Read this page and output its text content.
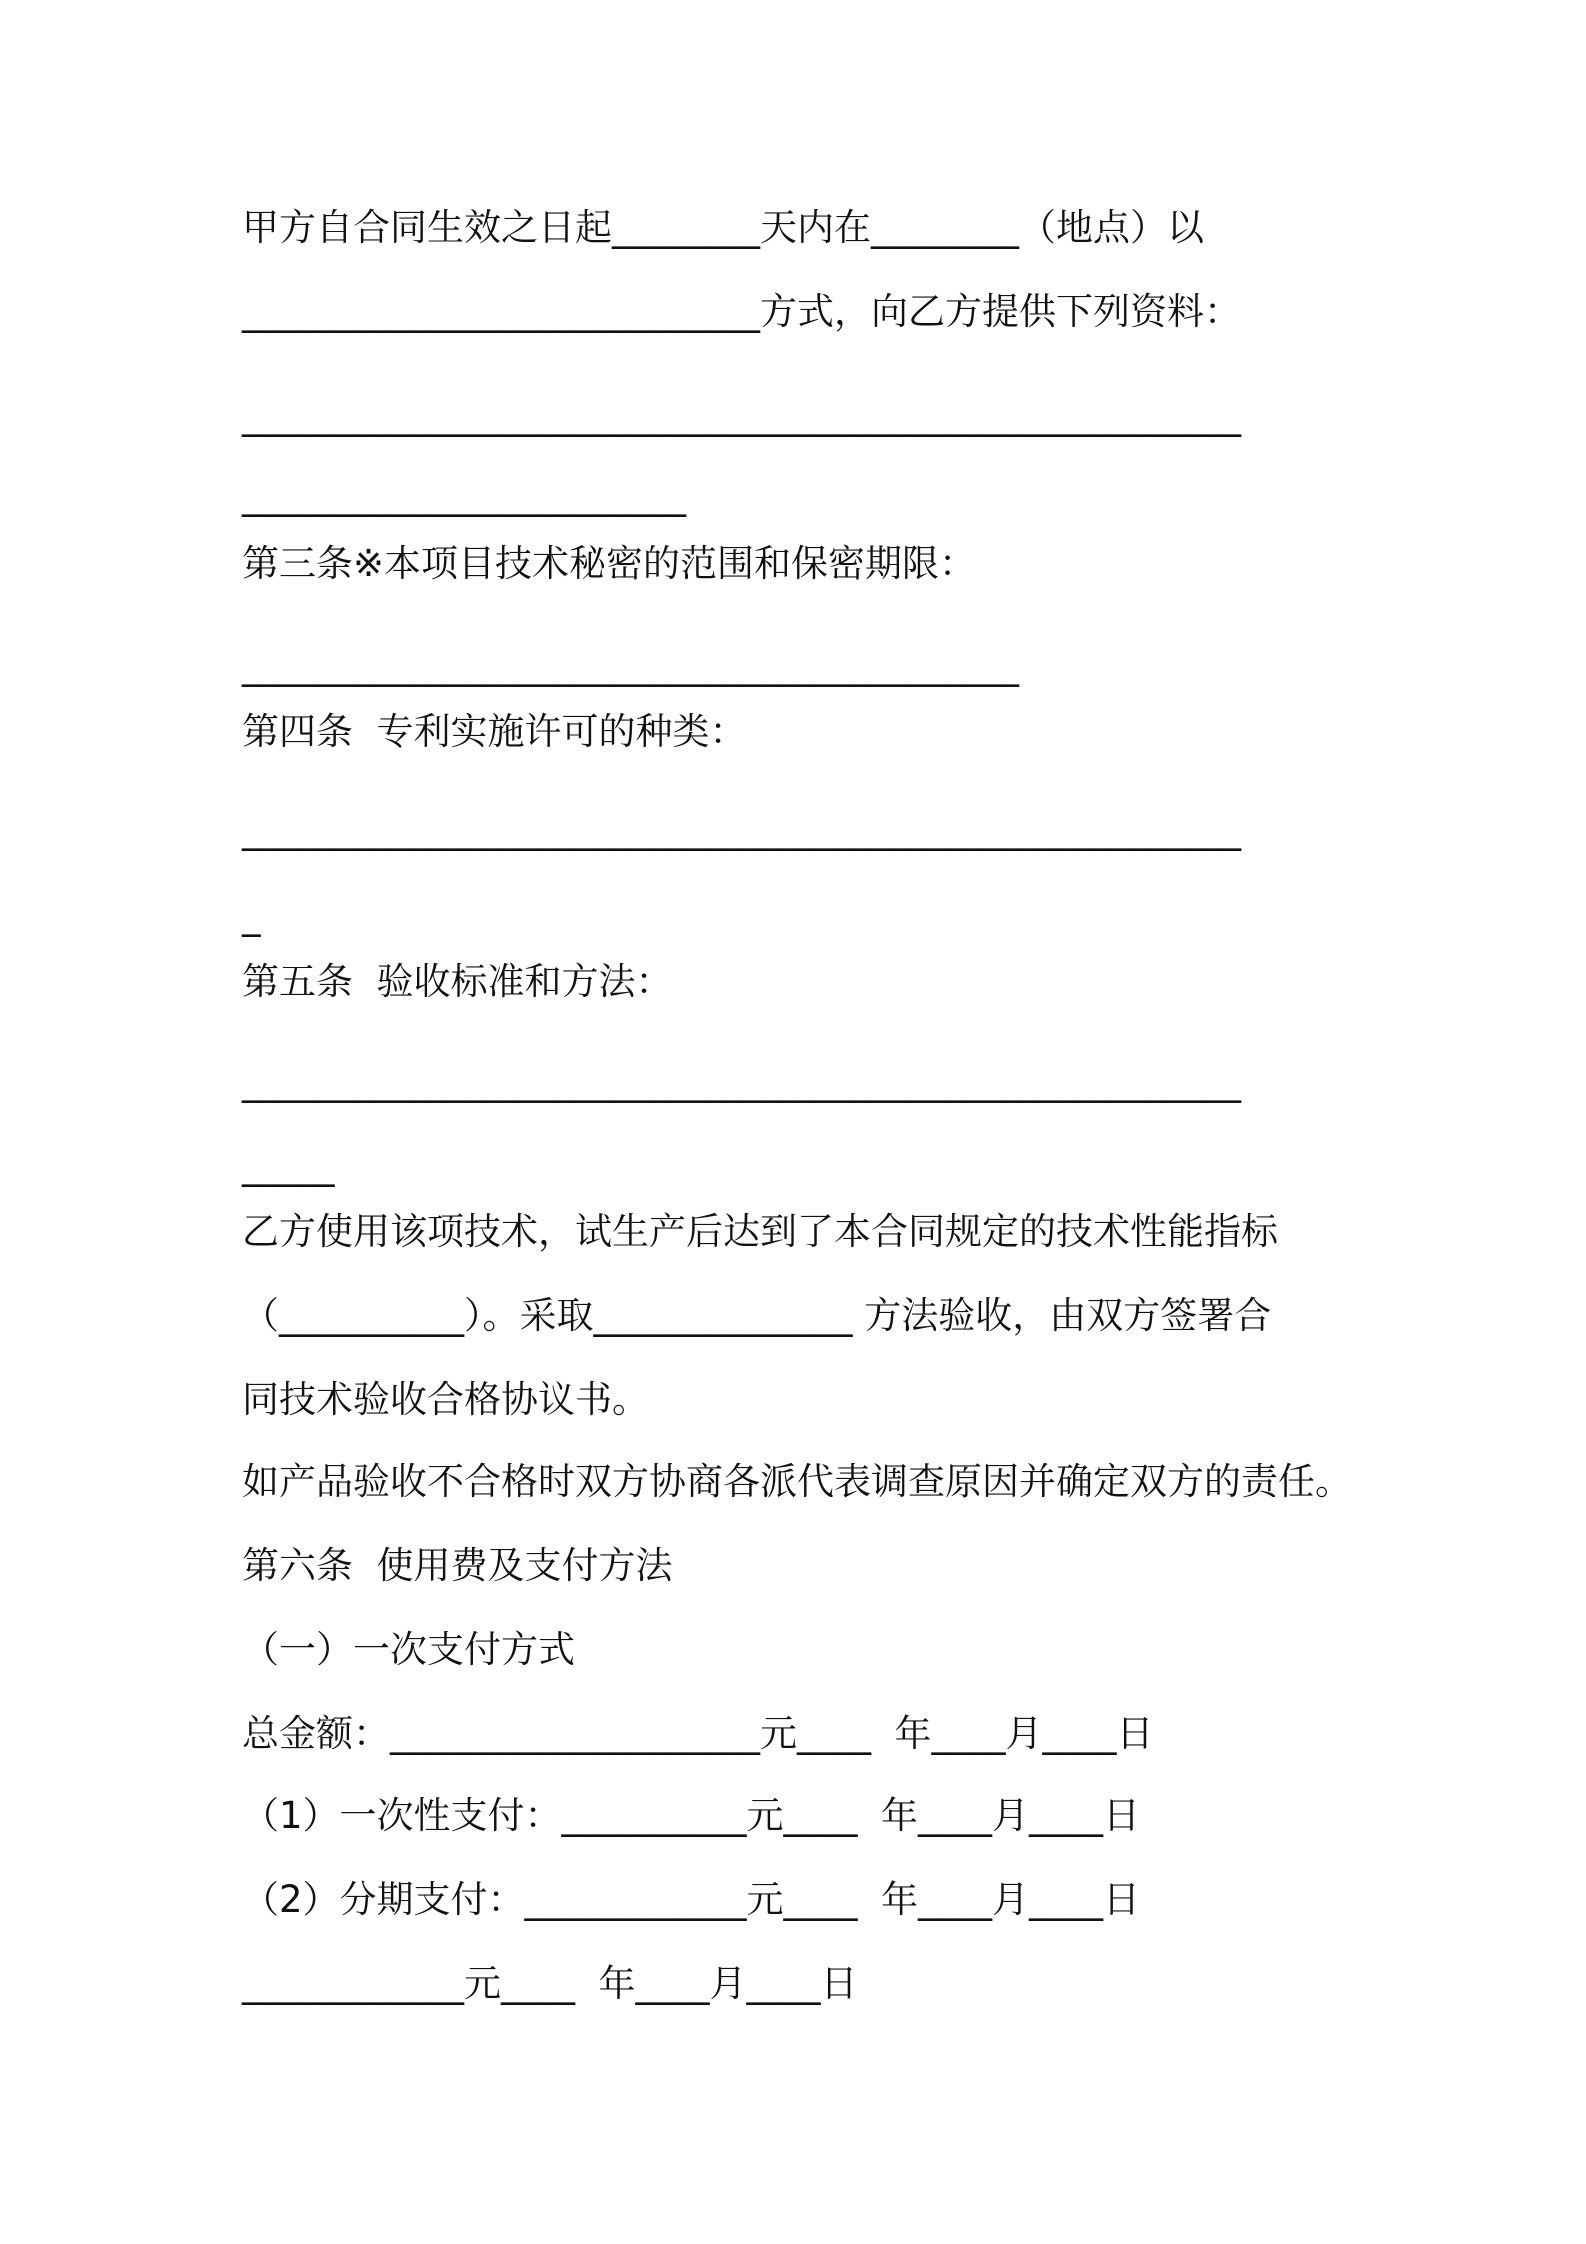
甲方自合同生效之日起________天内在________（地点）以
____________________________方式，向乙方提供下列资料：
______________________________________________________
________________________
第三条※本项目技术秘密的范围和保密期限：
__________________________________________
第四条  专利实施许可的种类：
______________________________________________________
_
第五条  验收标准和方法：
______________________________________________________
_____
乙方使用该项技术，试生产后达到了本合同规定的技术性能指标
（__________）。采取______________ 方法验收，由双方签署合
同技术验收合格协议书。
如产品验收不合格时双方协商各派代表调查原因并确定双方的责任。
第六条  使用费及支付方法
（一）一次支付方式
总金额：____________________元____  年____月____日
（1）一次性支付：__________元____  年____月____日
（2）分期支付：____________元____  年____月____日
____________元____  年____月____日
